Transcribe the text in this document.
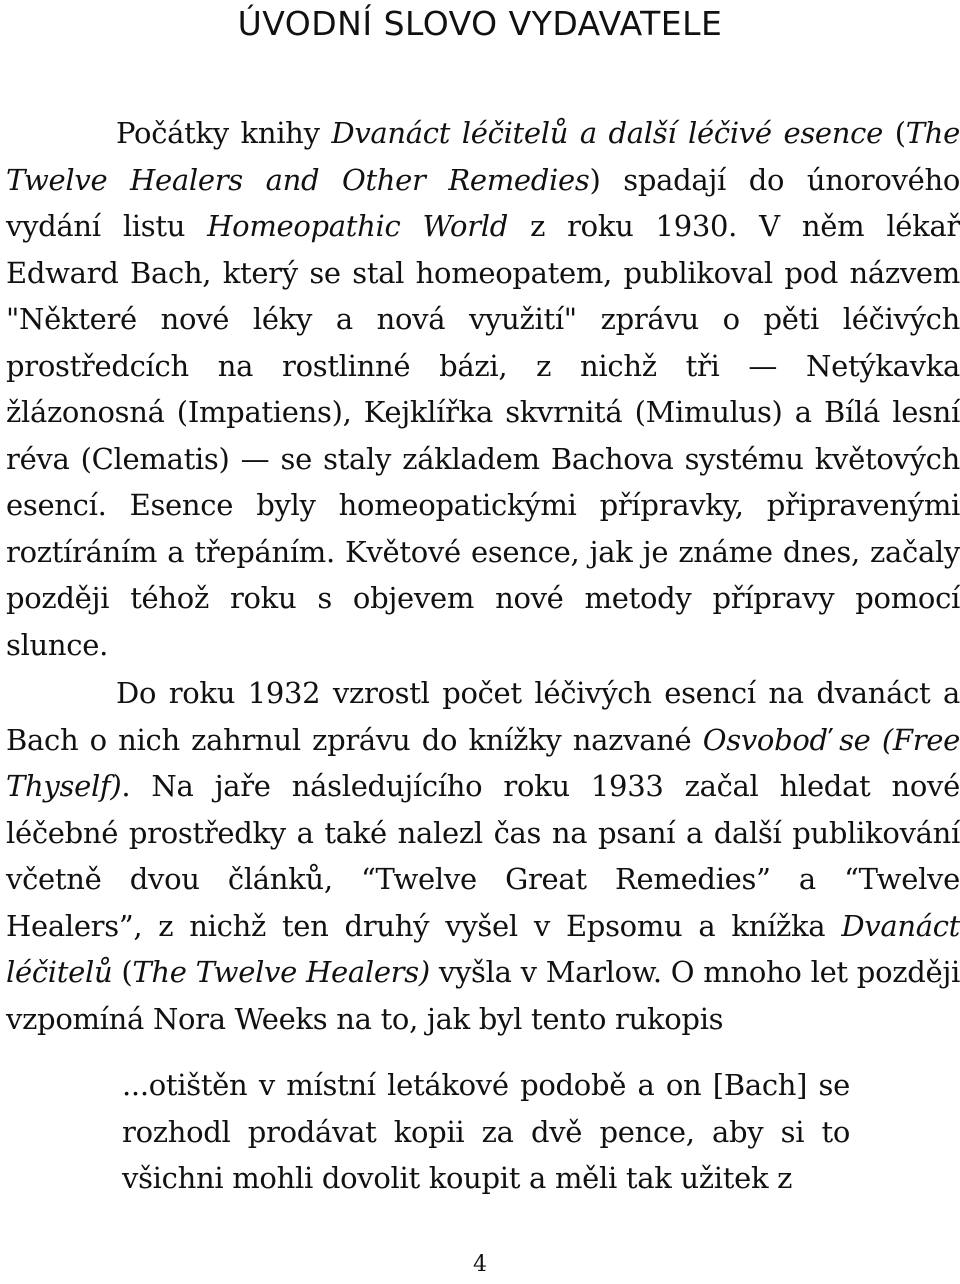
ÚVODNÍ SLOVO VYDAVATELE

Počátky knihy Dvanáct léčitelů a další léčivé esence (The Twelve Healers and Other Remedies) spadají do únorového vydání listu Homeopathic World z roku 1930. V něm lékař Edward Bach, který se stal homeopatem, publikoval pod názvem "Některé nové léky a nová využití" zprávu o pěti léčivých prostředcích na rostlinné bázi, z nichž tři — Netýkavka žlázonosná (Impatiens), Kejklířka skvrnitá (Mimulus) a Bílá lesní réva (Clematis) — se staly základem Bachova systému květových esencí. Esence byly homeopatickými přípravky, připravenými roztíráním a třepáním. Květové esence, jak je známe dnes, začaly později téhož roku s objevem nové metody přípravy pomocí slunce.

Do roku 1932 vzrostl počet léčivých esencí na dvanáct a Bach o nich zahrnul zprávu do knížky nazvané Osvoboď se (Free Thyself). Na jaře následujícího roku 1933 začal hledat nové léčebné prostředky a také nalezl čas na psaní a další publikování včetně dvou článků, “Twelve Great Remedies” a “Twelve Healers”, z nichž ten druhý vyšel v Epsomu a knížka Dvanáct léčitelů (The Twelve Healers) vyšla v Marlow. O mnoho let později vzpomíná Nora Weeks na to, jak byl tento rukopis

...otištěn v místní letákové podobě a on [Bach] se rozhodl prodávat kopii za dvě pence, aby si to všichni mohli dovolit koupit a měli tak užitek z
4
